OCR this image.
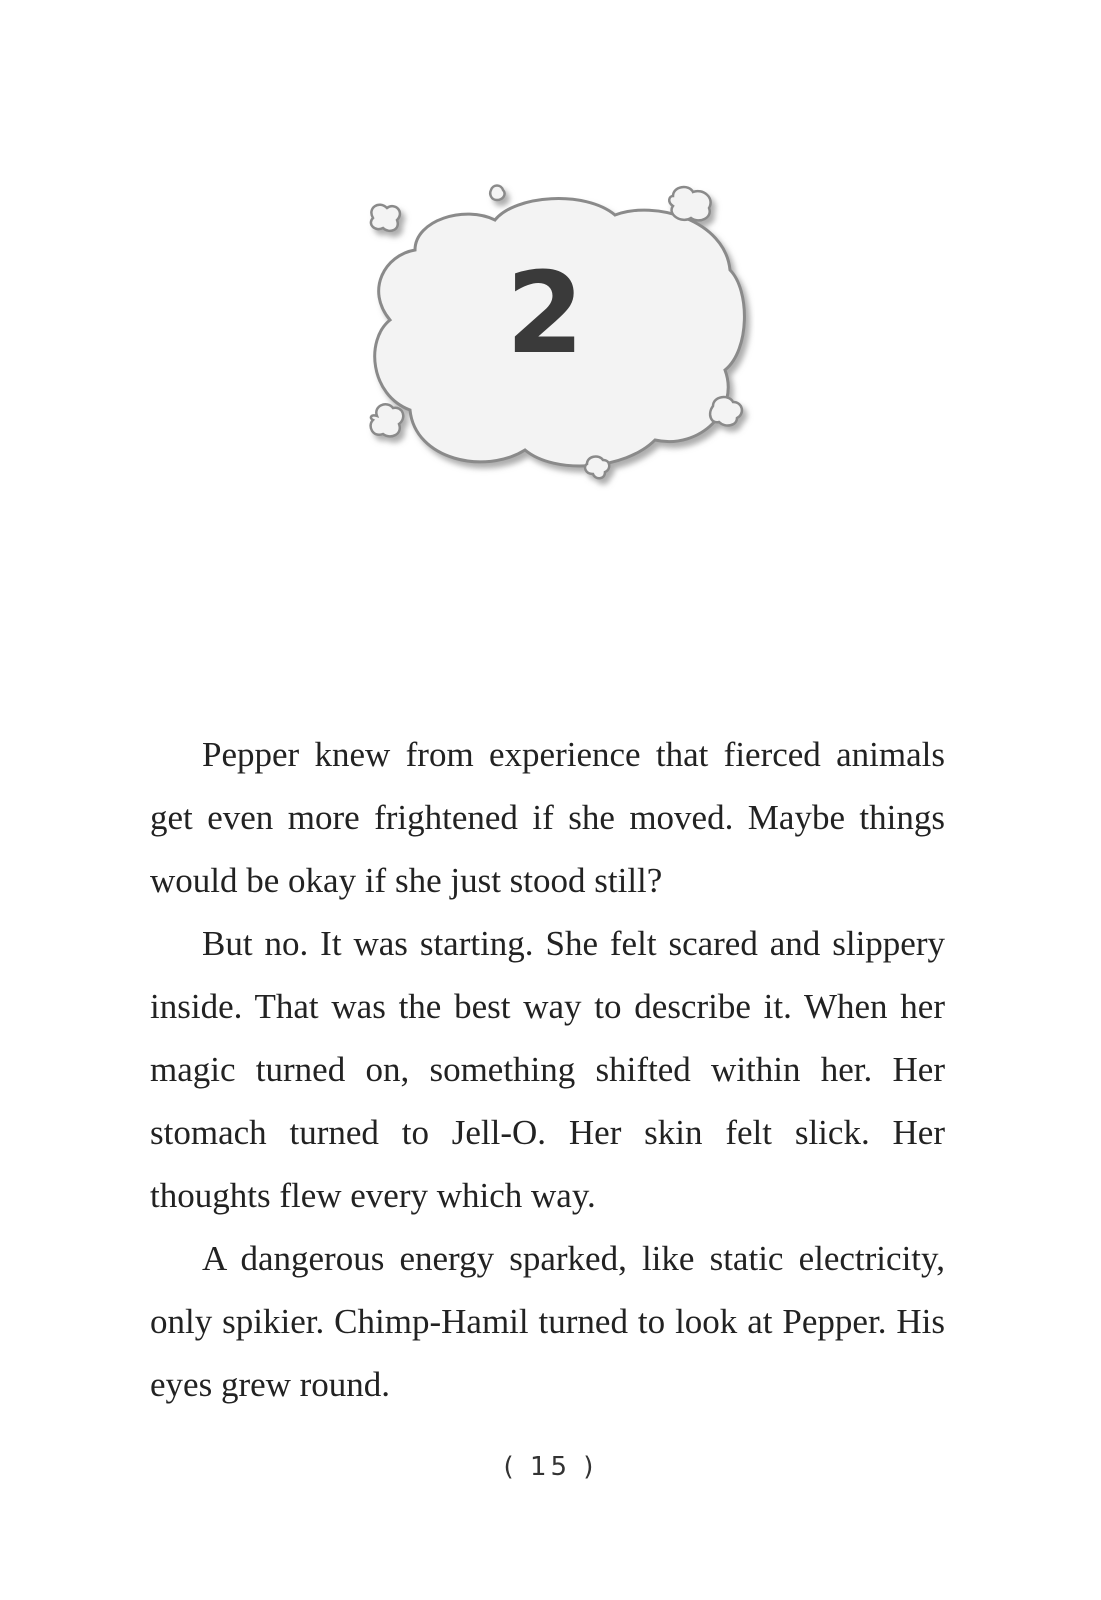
2

Pepper knew from experience that fierced animals get even more frightened if she moved. Maybe things would be okay if she just stood still?

But no. It was starting. She felt scared and slippery inside. That was the best way to describe it. When her magic turned on, something shifted within her. Her stomach turned to Jell-O. Her skin felt slick. Her thoughts flew every which way.

A dangerous energy sparked, like static electricity, only spikier. Chimp-Hamil turned to look at Pepper. His eyes grew round.

( 15 )
